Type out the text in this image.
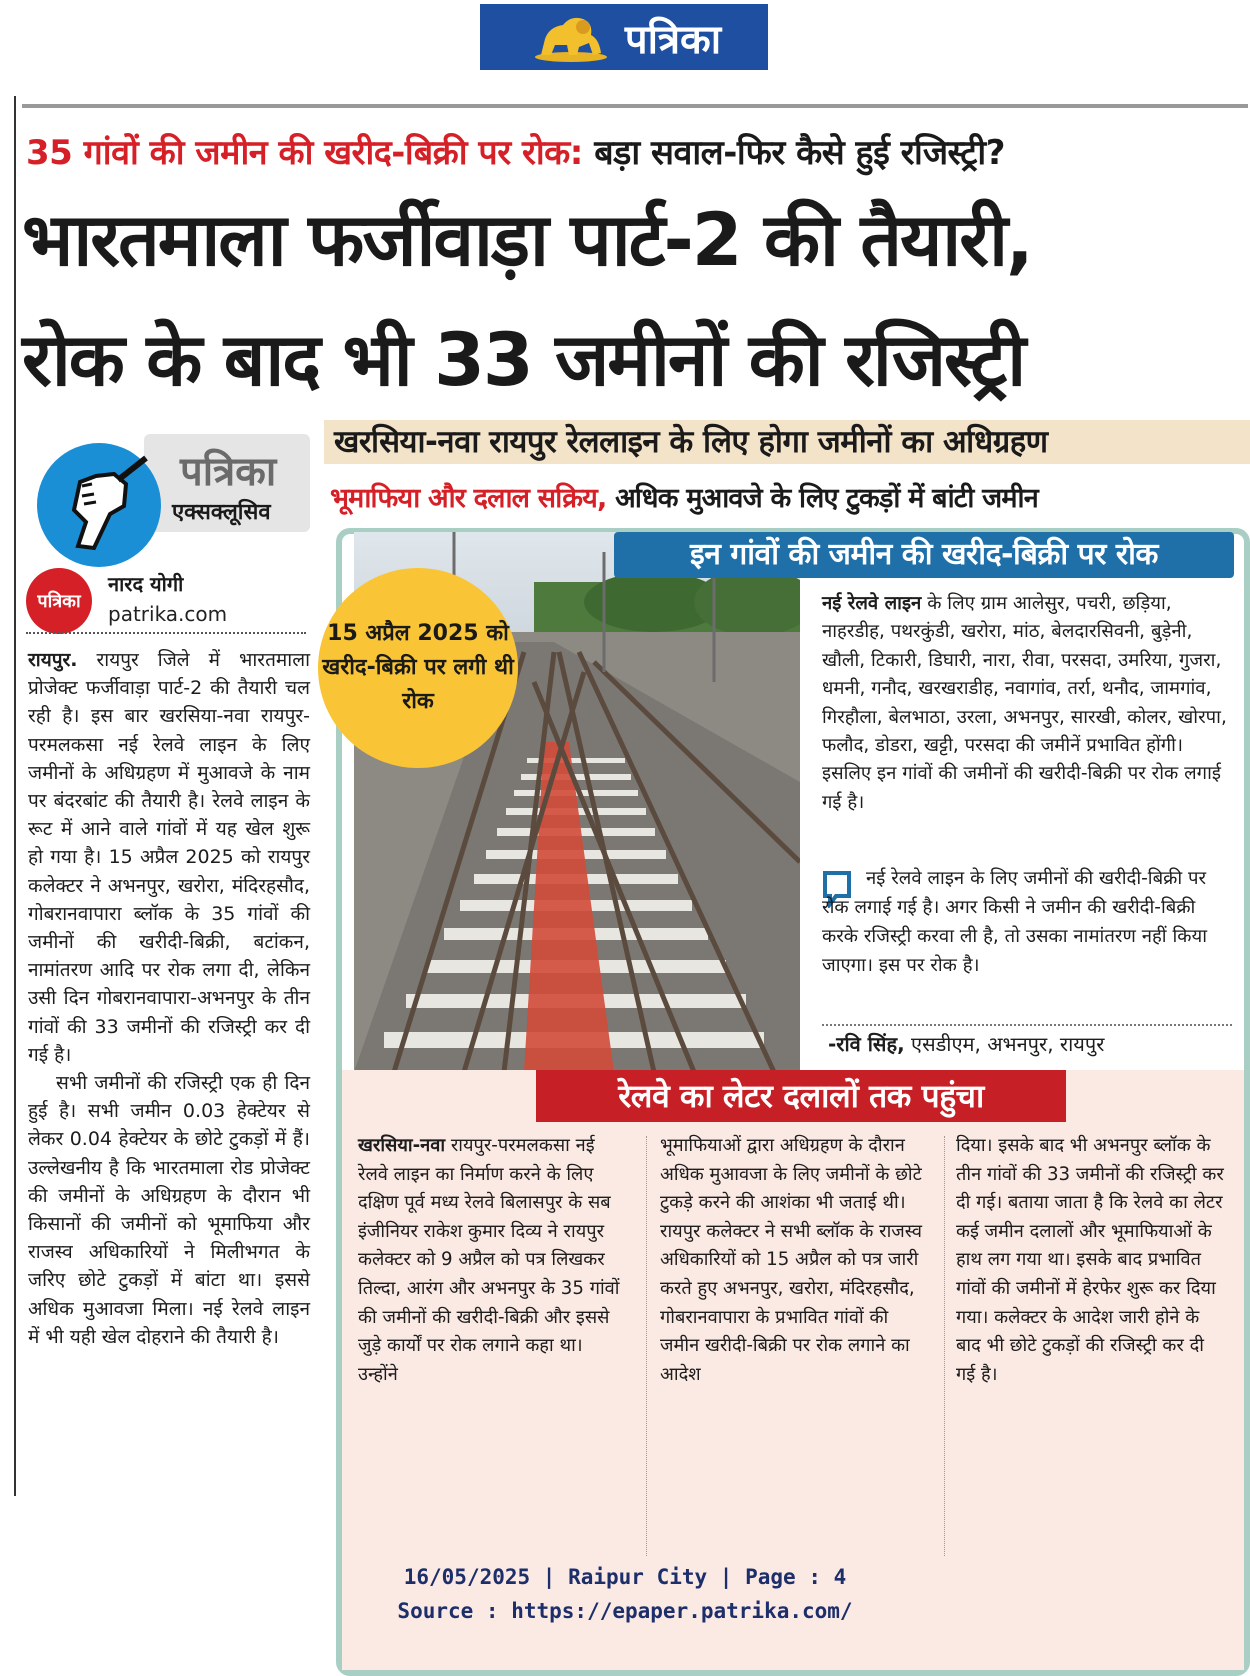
पत्रिका
35 गांवों की जमीन की खरीद-बिक्री पर रोक: बड़ा सवाल-फिर कैसे हुई रजिस्ट्री?
भारतमाला फर्जीवाड़ा पार्ट-2 की तैयारी,
रोक के बाद भी 33 जमीनों की रजिस्ट्री
खरसिया-नवा रायपुर रेललाइन के लिए होगा जमीनों का अधिग्रहण
भूमाफिया और दलाल सक्रिय, अधिक मुआवजे के लिए टुकड़ों में बांटी जमीन
पत्रिका
एक्सक्लूसिव
पत्रिका
नारद योगी
patrika.com

रायपुर. रायपुर जिले में भारतमाला प्रोजेक्ट फर्जीवाड़ा पार्ट-2 की तैयारी चल रही है। इस बार खरसिया-नवा रायपुर-परमलकसा नई रेलवे लाइन के लिए जमीनों के अधिग्रहण में मुआवजे के नाम पर बंदरबांट की तैयारी है। रेलवे लाइन के रूट में आने वाले गांवों में यह खेल शुरू हो गया है। 15 अप्रैल 2025 को रायपुर कलेक्टर ने अभनपुर, खरोरा, मंदिरहसौद, गोबरानवापारा ब्लॉक के 35 गांवों की जमीनों की खरीदी-बिक्री, बटांकन, नामांतरण आदि पर रोक लगा दी, लेकिन उसी दिन गोबरानवापारा-अभनपुर के तीन गांवों की 33 जमीनों की रजिस्ट्री कर दी गई है।

सभी जमीनों की रजिस्ट्री एक ही दिन हुई है। सभी जमीन 0.03 हेक्टेयर से लेकर 0.04 हेक्टेयर के छोटे टुकड़ों में हैं। उल्लेखनीय है कि भारतमाला रोड प्रोजेक्ट की जमीनों के अधिग्रहण के दौरान भी किसानों की जमीनों को भूमाफिया और राजस्व अधिकारियों ने मिलीभगत के जरिए छोटे टुकड़ों में बांटा था। इससे अधिक मुआवजा मिला। नई रेलवे लाइन में भी यही खेल दोहराने की तैयारी है।

15 अप्रैल 2025 को खरीद-बिक्री पर लगी थी रोक
इन गांवों की जमीन की खरीद-बिक्री पर रोक
नई रेलवे लाइन के लिए ग्राम आलेसुर, पचरी, छड़िया, नाहरडीह, पथरकुंडी, खरोरा, मांठ, बेलदारसिवनी, बुड़ेनी, खौली, टिकारी, डिघारी, नारा, रीवा, परसदा, उमरिया, गुजरा, धमनी, गनौद, खरखराडीह, नवागांव, तर्रा, थनौद, जामगांव, गिरहौला, बेलभाठा, उरला, अभनपुर, सारखी, कोलर, खोरपा, फलौद, डोडरा, खट्टी, परसदा की जमीनें प्रभावित होंगी। इसलिए इन गांवों की जमीनों की खरीदी-बिक्री पर रोक लगाई गई है।
नई रेलवे लाइन के लिए जमीनों की खरीदी-बिक्री पर रोक लगाई गई है। अगर किसी ने जमीन की खरीदी-बिक्री करके रजिस्ट्री करवा ली है, तो उसका नामांतरण नहीं किया जाएगा। इस पर रोक है।
-रवि सिंह, एसडीएम, अभनपुर, रायपुर
रेलवे का लेटर दलालों तक पहुंचा
खरसिया-नवा रायपुर-परमलकसा नई रेलवे लाइन का निर्माण करने के लिए दक्षिण पूर्व मध्य रेलवे बिलासपुर के सब इंजीनियर राकेश कुमार दिव्य ने रायपुर कलेक्टर को 9 अप्रैल को पत्र लिखकर तिल्दा, आरंग और अभनपुर के 35 गांवों की जमीनों की खरीदी-बिक्री और इससे जुड़े कार्यों पर रोक लगाने कहा था। उन्होंने
भूमाफियाओं द्वारा अधिग्रहण के दौरान अधिक मुआवजा के लिए जमीनों के छोटे टुकड़े करने की आशंका भी जताई थी। रायपुर कलेक्टर ने सभी ब्लॉक के राजस्व अधिकारियों को 15 अप्रैल को पत्र जारी करते हुए अभनपुर, खरोरा, मंदिरहसौद, गोबरानवापारा के प्रभावित गांवों की जमीन खरीदी-बिक्री पर रोक लगाने का आदेश
दिया। इसके बाद भी अभनपुर ब्लॉक के तीन गांवों की 33 जमीनों की रजिस्ट्री कर दी गई। बताया जाता है कि रेलवे का लेटर कई जमीन दलालों और भूमाफियाओं के हाथ लग गया था। इसके बाद प्रभावित गांवों की जमीनों में हेरफेर शुरू कर दिया गया। कलेक्टर के आदेश जारी होने के बाद भी छोटे टुकड़ों की रजिस्ट्री कर दी गई है।
16/05/2025 | Raipur City | Page : 4
Source : https://epaper.patrika.com/
